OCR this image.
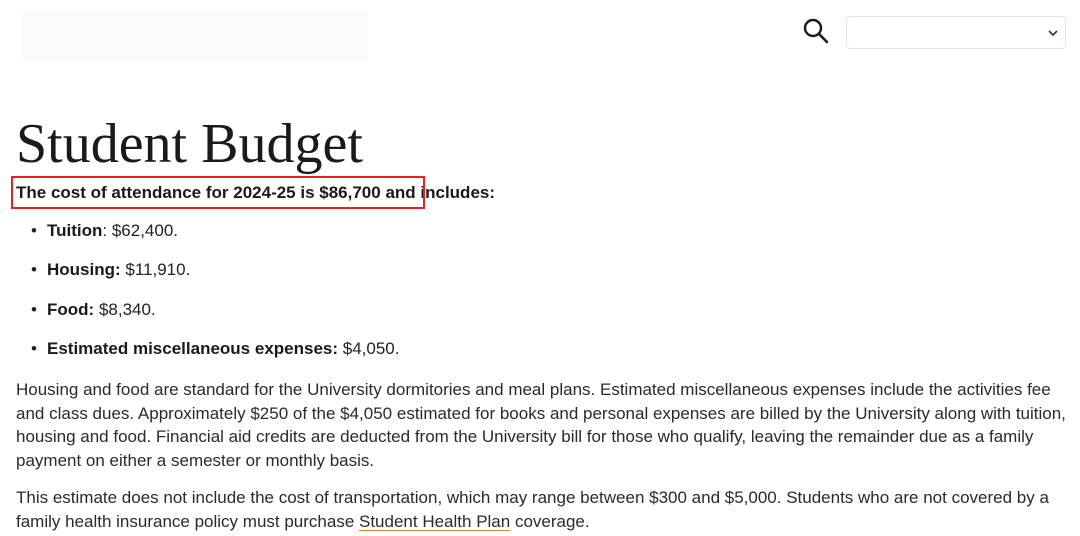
Student Budget

The cost of attendance for 2024-25 is $86,700 and includes:

• Tuition: $62,400.
• Housing: $11,910.
• Food: $8,340.
• Estimated miscellaneous expenses: $4,050.

Housing and food are standard for the University dormitories and meal plans. Estimated miscellaneous expenses include the activities fee and class dues. Approximately $250 of the $4,050 estimated for books and personal expenses are billed by the University along with tuition, housing and food. Financial aid credits are deducted from the University bill for those who qualify, leaving the remainder due as a family payment on either a semester or monthly basis.

This estimate does not include the cost of transportation, which may range between $300 and $5,000. Students who are not covered by a family health insurance policy must purchase Student Health Plan coverage.
